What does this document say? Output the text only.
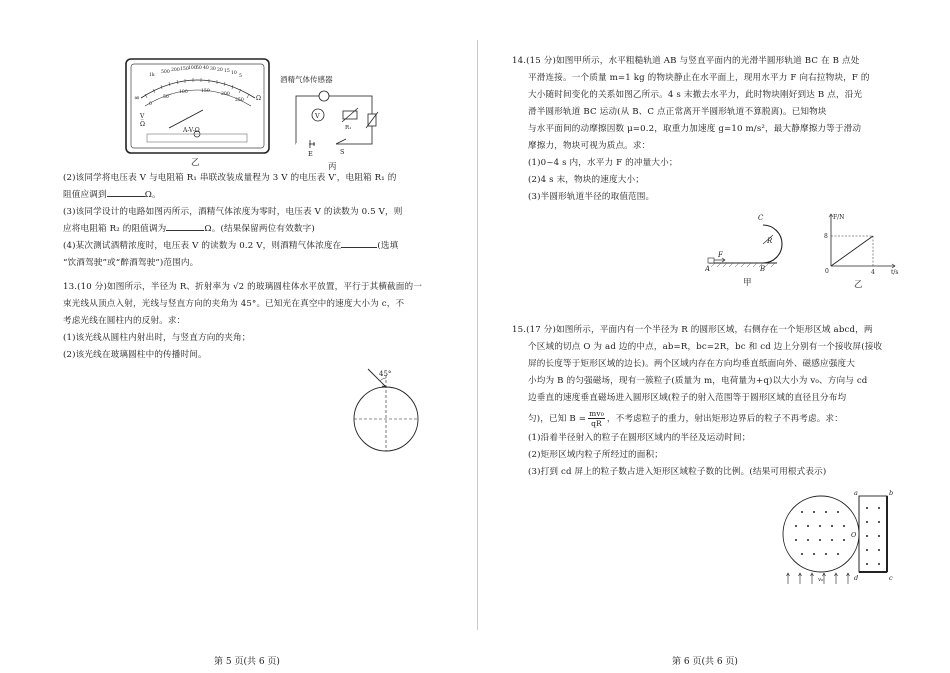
1k
500 200 150 100 50 40 30 20 15 10
5
0
50
100	150
200
250
∞	Ω
Ω
A-V-Ω
V̲
乙
酒精气体传感器
V
R₁
E	S
丙
(2)该同学将电压表 V 与电阻箱 R₁ 串联改装成量程为 3 V 的电压表 V′，电阻箱 R₁ 的
阻值应调到	Ω。
(3)该同学设计的电路如图丙所示，酒精气体浓度为零时，电压表 V 的读数为 0.5 V，则
应将电阻箱 R₂ 的阻值调为	Ω。(结果保留两位有效数字)
(4)某次测试酒精浓度时，电压表 V 的读数为 0.2 V，则酒精气体浓度在	(选填
“饮酒驾驶”或“醉酒驾驶”)范围内。
13.(10 分)如图所示，半径为 R、折射率为 √2 的玻璃圆柱体水平放置，平行于其横截面的一
束光线从顶点入射，光线与竖直方向的夹角为 45°。已知光在真空中的速度大小为 c，不
考虑光线在圆柱内的反射。求：
(1)该光线从圆柱内射出时，与竖直方向的夹角；
(2)该光线在玻璃圆柱中的传播时间。
45°
第 5 页(共 6 页)
14.(15 分)如图甲所示，水平粗糙轨道 AB 与竖直平面内的光滑半圆形轨道 BC 在 B 点处
平滑连接。一个质量 m=1 kg 的物块静止在水平面上，现用水平力 F 向右拉物块，F 的
大小随时间变化的关系如图乙所示。4 s 末撤去水平力，此时物块刚好到达 B 点，沿光
滑半圆形轨道 BC 运动(从 B、C 点正常离开半圆形轨道不算脱离)。已知物块
与水平面间的动摩擦因数 μ=0.2，取重力加速度 g=10 m/s²，最大静摩擦力等于滑动
摩擦力，物块可视为质点。求：
(1)0~4 s 内，水平力 F 的冲量大小；
(2)4 s 末，物块的速度大小；
(3)半圆形轨道半径的取值范围。
C
R
F
A	B
甲
F/N
t/s
8
4
0
乙
15.(17 分)如图所示，平面内有一个半径为 R 的圆形区域，右侧存在一个矩形区域 abcd，两
个区域的切点 O 为 ad 边的中点，ab=R，bc=2R，bc 和 cd 边上分别有一个接收屏(接收
屏的长度等于矩形区域的边长)。两个区域内存在方向均垂直纸面向外、磁感应强度大
小均为 B 的匀强磁场，现有一簇粒子(质量为 m，电荷量为+q)以大小为 v₀、方向与 cd
边垂直的速度垂直磁场进入圆形区域(粒子的射入范围等于圆形区域的直径且分布均
匀)，已知 $B = \frac{\text{mv₀}}{qR}$ ，不考虑粒子的重力，射出矩形边界后的粒子不再考虑。求：
(1)沿着半径射入的粒子在圆形区域内的半径及运动时间；
(2)矩形区域内粒子所经过的面积；
(3)打到 cd 屏上的粒子数占进入矩形区域粒子数的比例。(结果可用根式表示)
a	b
c
d
O
v₀
第 6 页(共 6 页)
